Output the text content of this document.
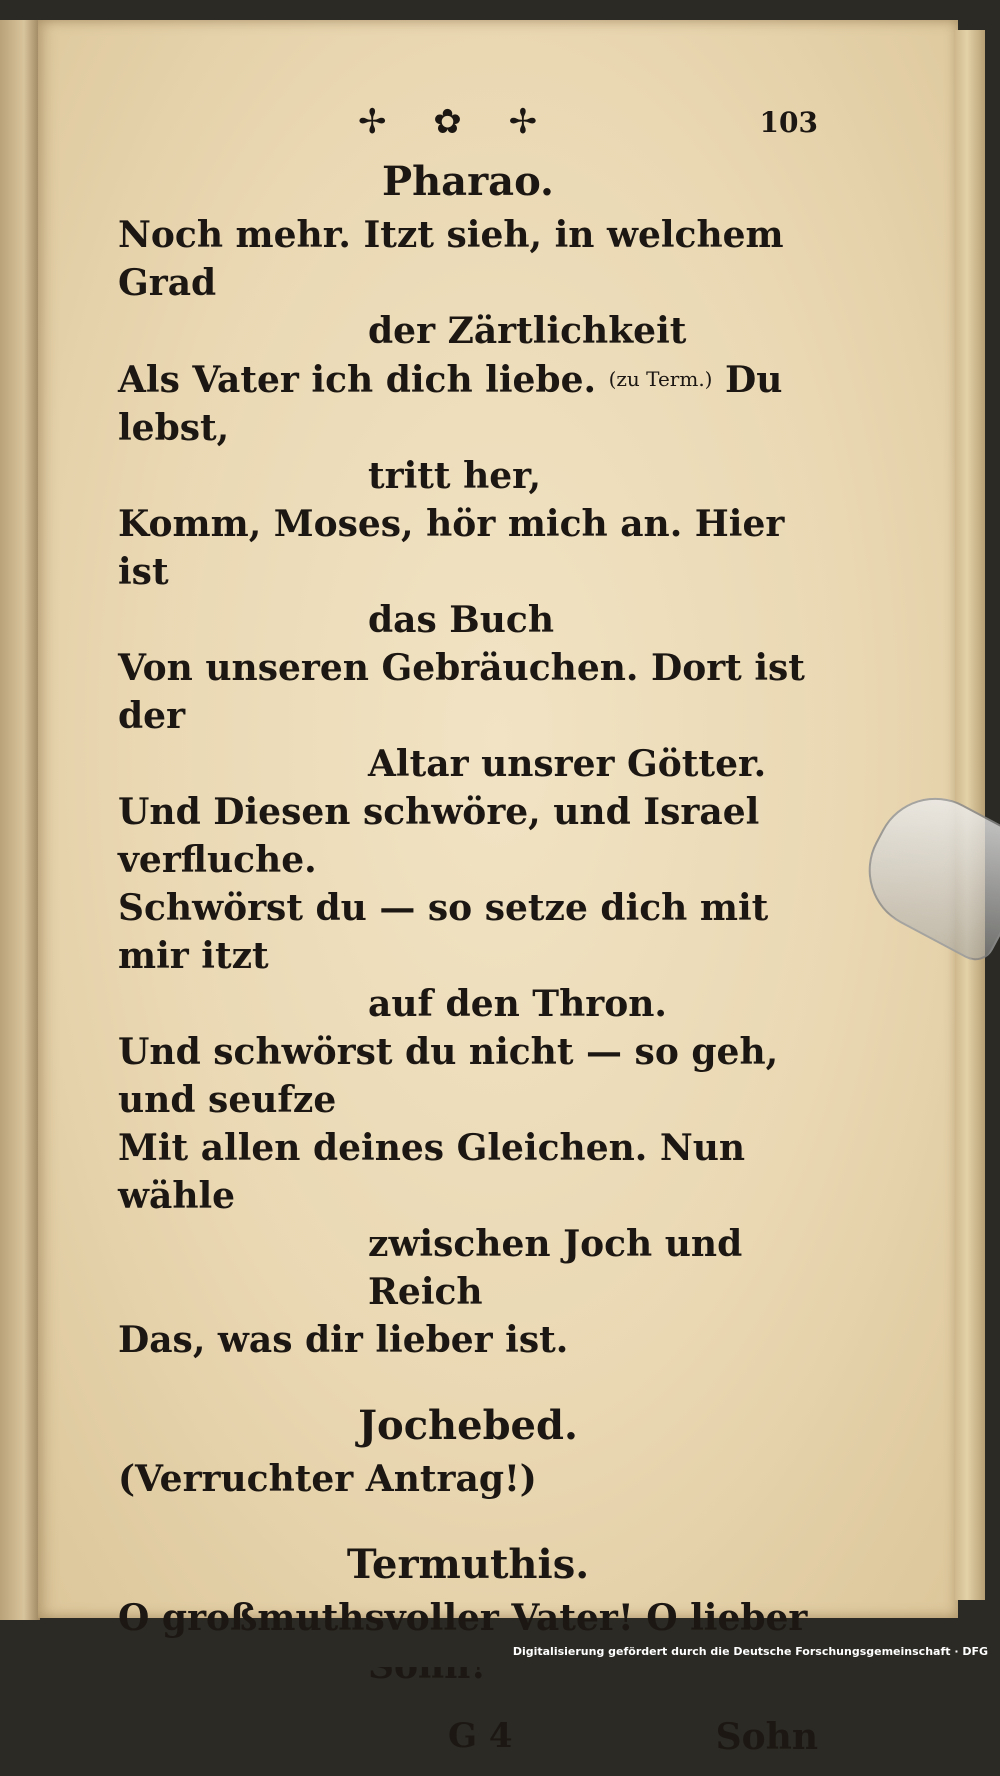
✢ ✿ ✢	103
Pharao.
Noch mehr. Itzt sieh, in welchem Grad
der Zärtlichkeit
Als Vater ich dich liebe. (zu Term.) Du lebst,
tritt her,
Komm, Moses, hör mich an. Hier ist
das Buch
Von unseren Gebräuchen. Dort ist der
Altar unsrer Götter.
Und Diesen schwöre, und Israel verfluche.
Schwörst du — so setze dich mit mir itzt
auf den Thron.
Und schwörst du nicht — so geh, und seufze
Mit allen deines Gleichen. Nun wähle
zwischen Joch und Reich
Das, was dir lieber ist.
Jochebed.
(Verruchter Antrag!)
Termuthis.
O großmuthsvoller Vater! O lieber
G 4	Sohn
Digitalisierung gefördert durch die Deutsche Forschungsgemeinschaft · DFG
